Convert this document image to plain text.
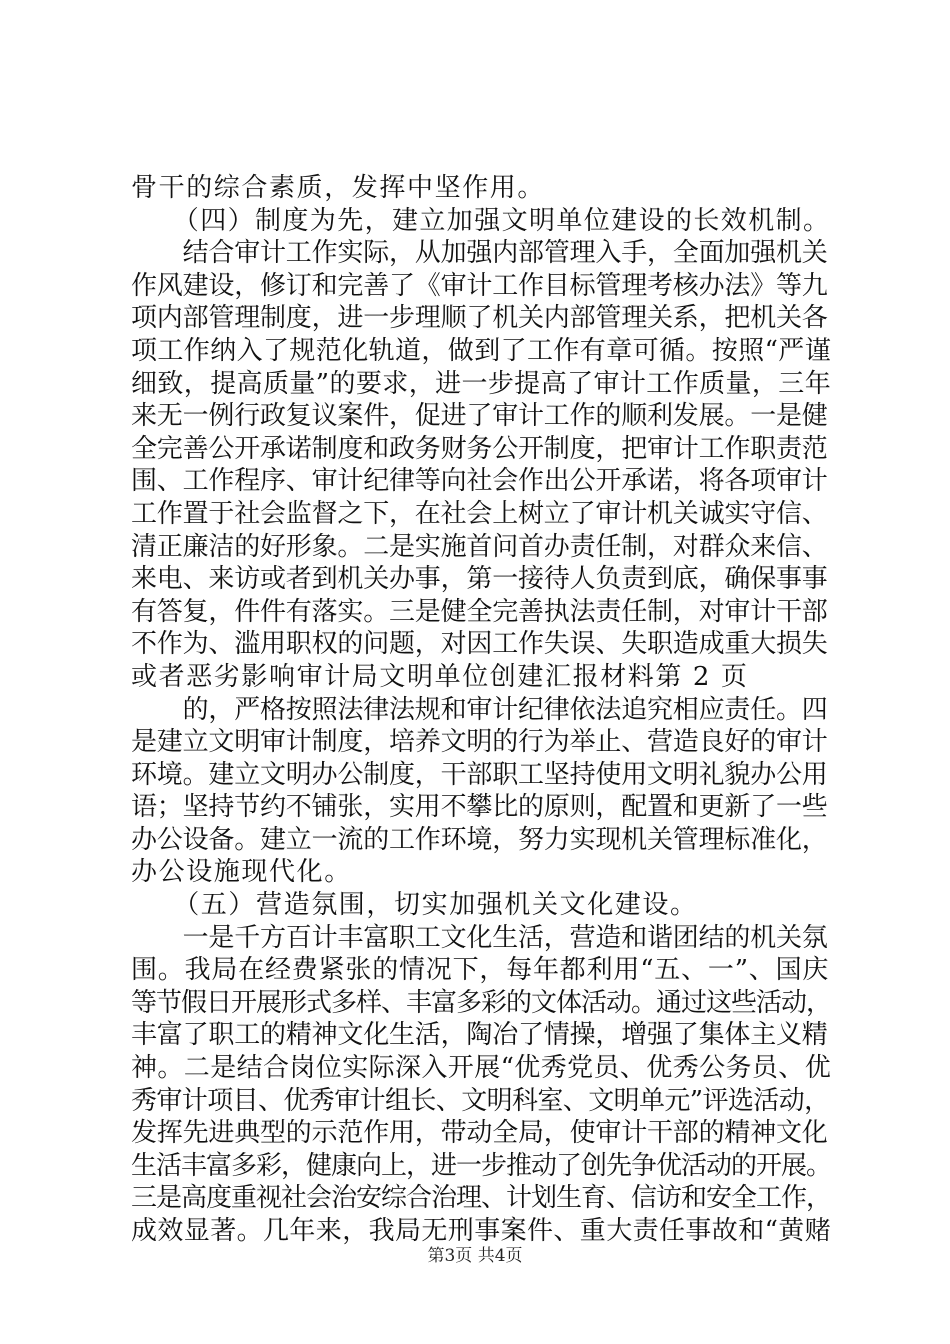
骨干的综合素质，发挥中坚作用。
　　（四）制度为先，建立加强文明单位建设的长效机制。
　　结合审计工作实际，从加强内部管理入手，全面加强机关
作风建设，修订和完善了《审计工作目标管理考核办法》等九
项内部管理制度，进一步理顺了机关内部管理关系，把机关各
项工作纳入了规范化轨道，做到了工作有章可循。按照“严谨
细致，提高质量”的要求，进一步提高了审计工作质量，三年
来无一例行政复议案件，促进了审计工作的顺利发展。一是健
全完善公开承诺制度和政务财务公开制度，把审计工作职责范
围、工作程序、审计纪律等向社会作出公开承诺，将各项审计
工作置于社会监督之下，在社会上树立了审计机关诚实守信、
清正廉洁的好形象。二是实施首问首办责任制，对群众来信、
来电、来访或者到机关办事，第一接待人负责到底，确保事事
有答复，件件有落实。三是健全完善执法责任制，对审计干部
不作为、滥用职权的问题，对因工作失误、失职造成重大损失
或者恶劣影响审计局文明单位创建汇报材料第 2 页
　　的，严格按照法律法规和审计纪律依法追究相应责任。四
是建立文明审计制度，培养文明的行为举止、营造良好的审计
环境。建立文明办公制度，干部职工坚持使用文明礼貌办公用
语；坚持节约不铺张，实用不攀比的原则，配置和更新了一些
办公设备。建立一流的工作环境，努力实现机关管理标准化，
办公设施现代化。
　　（五）营造氛围，切实加强机关文化建设。
　　一是千方百计丰富职工文化生活，营造和谐团结的机关氛
围。我局在经费紧张的情况下，每年都利用“五、一”、国庆
等节假日开展形式多样、丰富多彩的文体活动。通过这些活动，
丰富了职工的精神文化生活，陶冶了情操，增强了集体主义精
神。二是结合岗位实际深入开展“优秀党员、优秀公务员、优
秀审计项目、优秀审计组长、文明科室、文明单元”评选活动，
发挥先进典型的示范作用，带动全局，使审计干部的精神文化
生活丰富多彩，健康向上，进一步推动了创先争优活动的开展。
三是高度重视社会治安综合治理、计划生育、信访和安全工作，
成效显著。几年来，我局无刑事案件、重大责任事故和“黄赌
第3页 共4页
